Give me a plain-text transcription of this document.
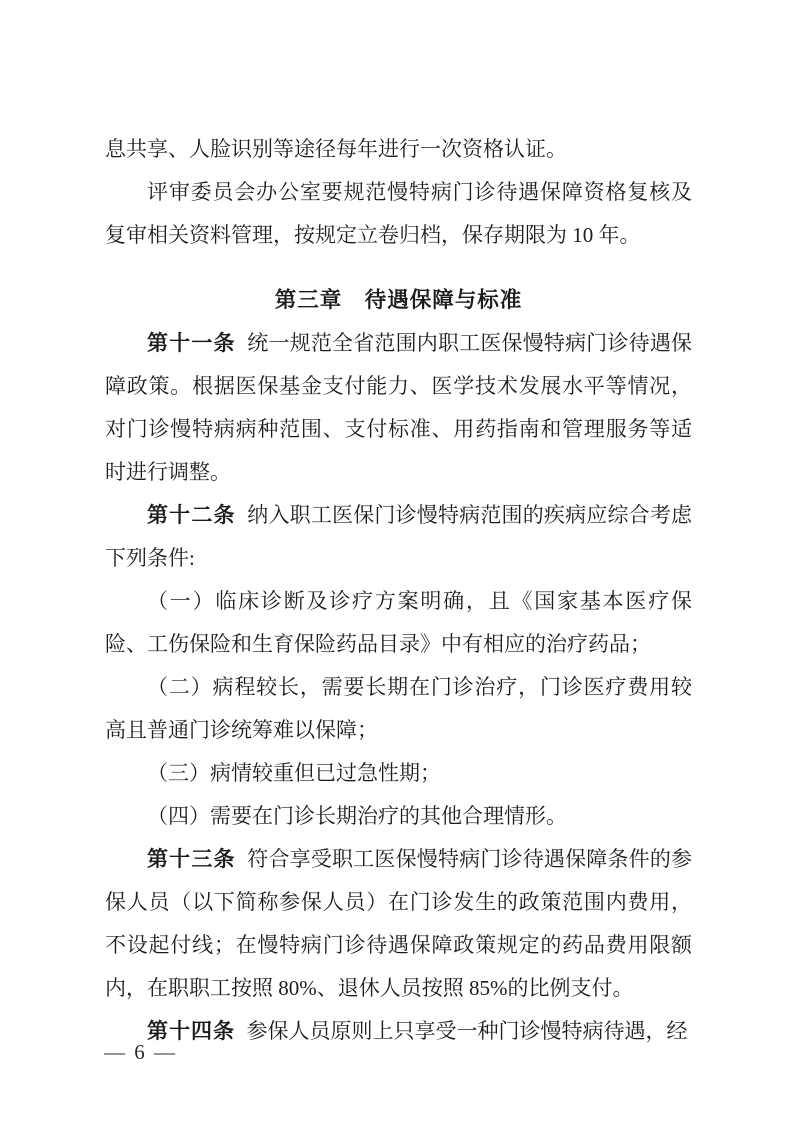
息共享、人脸识别等途径每年进行一次资格认证。

评审委员会办公室要规范慢特病门诊待遇保障资格复核及复审相关资料管理，按规定立卷归档，保存期限为 10 年。

第三章　待遇保障与标准

第十一条 统一规范全省范围内职工医保慢特病门诊待遇保障政策。根据医保基金支付能力、医学技术发展水平等情况，对门诊慢特病病种范围、支付标准、用药指南和管理服务等适时进行调整。

第十二条 纳入职工医保门诊慢特病范围的疾病应综合考虑下列条件:

（一）临床诊断及诊疗方案明确，且《国家基本医疗保险、工伤保险和生育保险药品目录》中有相应的治疗药品；

（二）病程较长，需要长期在门诊治疗，门诊医疗费用较高且普通门诊统筹难以保障；

（三）病情较重但已过急性期；

（四）需要在门诊长期治疗的其他合理情形。

第十三条 符合享受职工医保慢特病门诊待遇保障条件的参保人员（以下简称参保人员）在门诊发生的政策范围内费用，不设起付线；在慢特病门诊待遇保障政策规定的药品费用限额内，在职职工按照 80%、退休人员按照 85%的比例支付。

第十四条 参保人员原则上只享受一种门诊慢特病待遇，经

— 6 —
